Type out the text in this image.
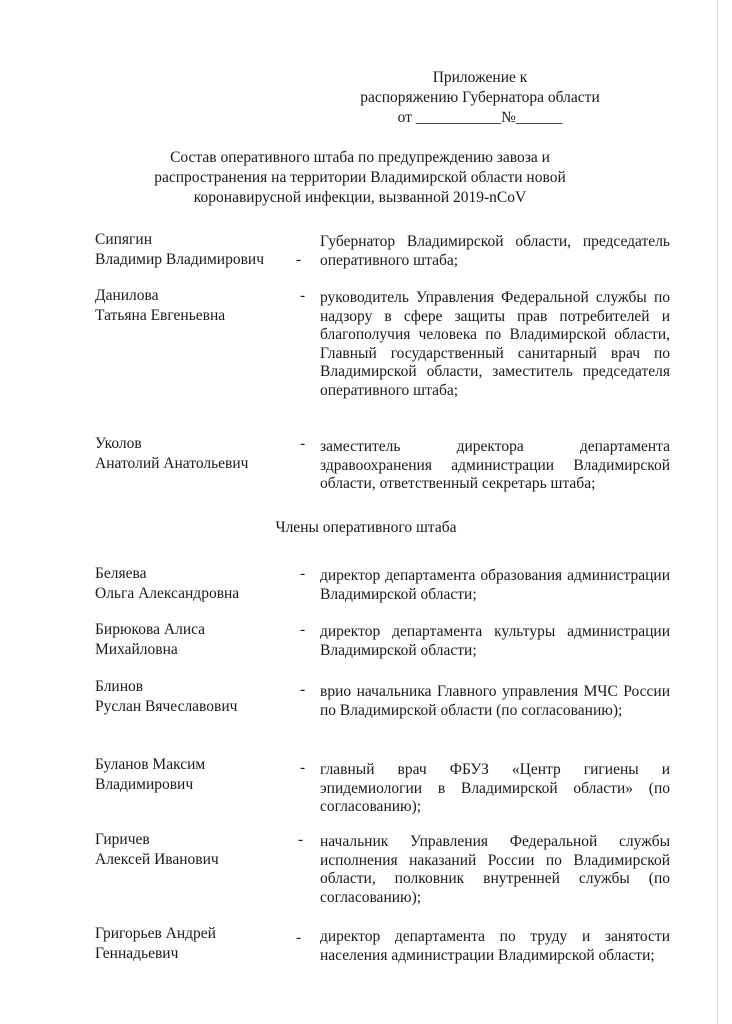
Приложение к
распоряжению Губернатора области
от ___________№______
Состав оперативного штаба по предупреждению завоза и
распространения на территории Владимирской области новой
коронавирусной инфекции, вызванной 2019-nCoV
Сипягин
Владимир Владимирович	-
Губернатор Владимирской области, председатель оперативного штаба;
Данилова
Татьяна Евгеньевна
- руководитель Управления Федеральной службы по надзору в сфере защиты прав потребителей и благополучия человека по Владимирской области, Главный государственный санитарный врач по Владимирской области, заместитель председателя оперативного штаба;
Уколов
Анатолий Анатольевич
- заместитель директора департамента здравоохранения администрации Владимирской области, ответственный секретарь штаба;
Члены оперативного штаба
Беляева
Ольга Александровна
- директор департамента образования администрации Владимирской области;
Бирюкова Алиса
Михайловна
- директор департамента культуры администрации Владимирской области;
Блинов
Руслан Вячеславович
- врио начальника Главного управления МЧС России по Владимирской области (по согласованию);
Буланов Максим
Владимирович
- главный врач ФБУЗ «Центр гигиены и эпидемиологии в Владимирской области» (по согласованию);
Гиричев
Алексей Иванович
- начальник Управления Федеральной службы исполнения наказаний России по Владимирской области, полковник внутренней службы (по согласованию);
Григорьев Андрей
Геннадьевич
- директор департамента по труду и занятости населения администрации Владимирской области;
